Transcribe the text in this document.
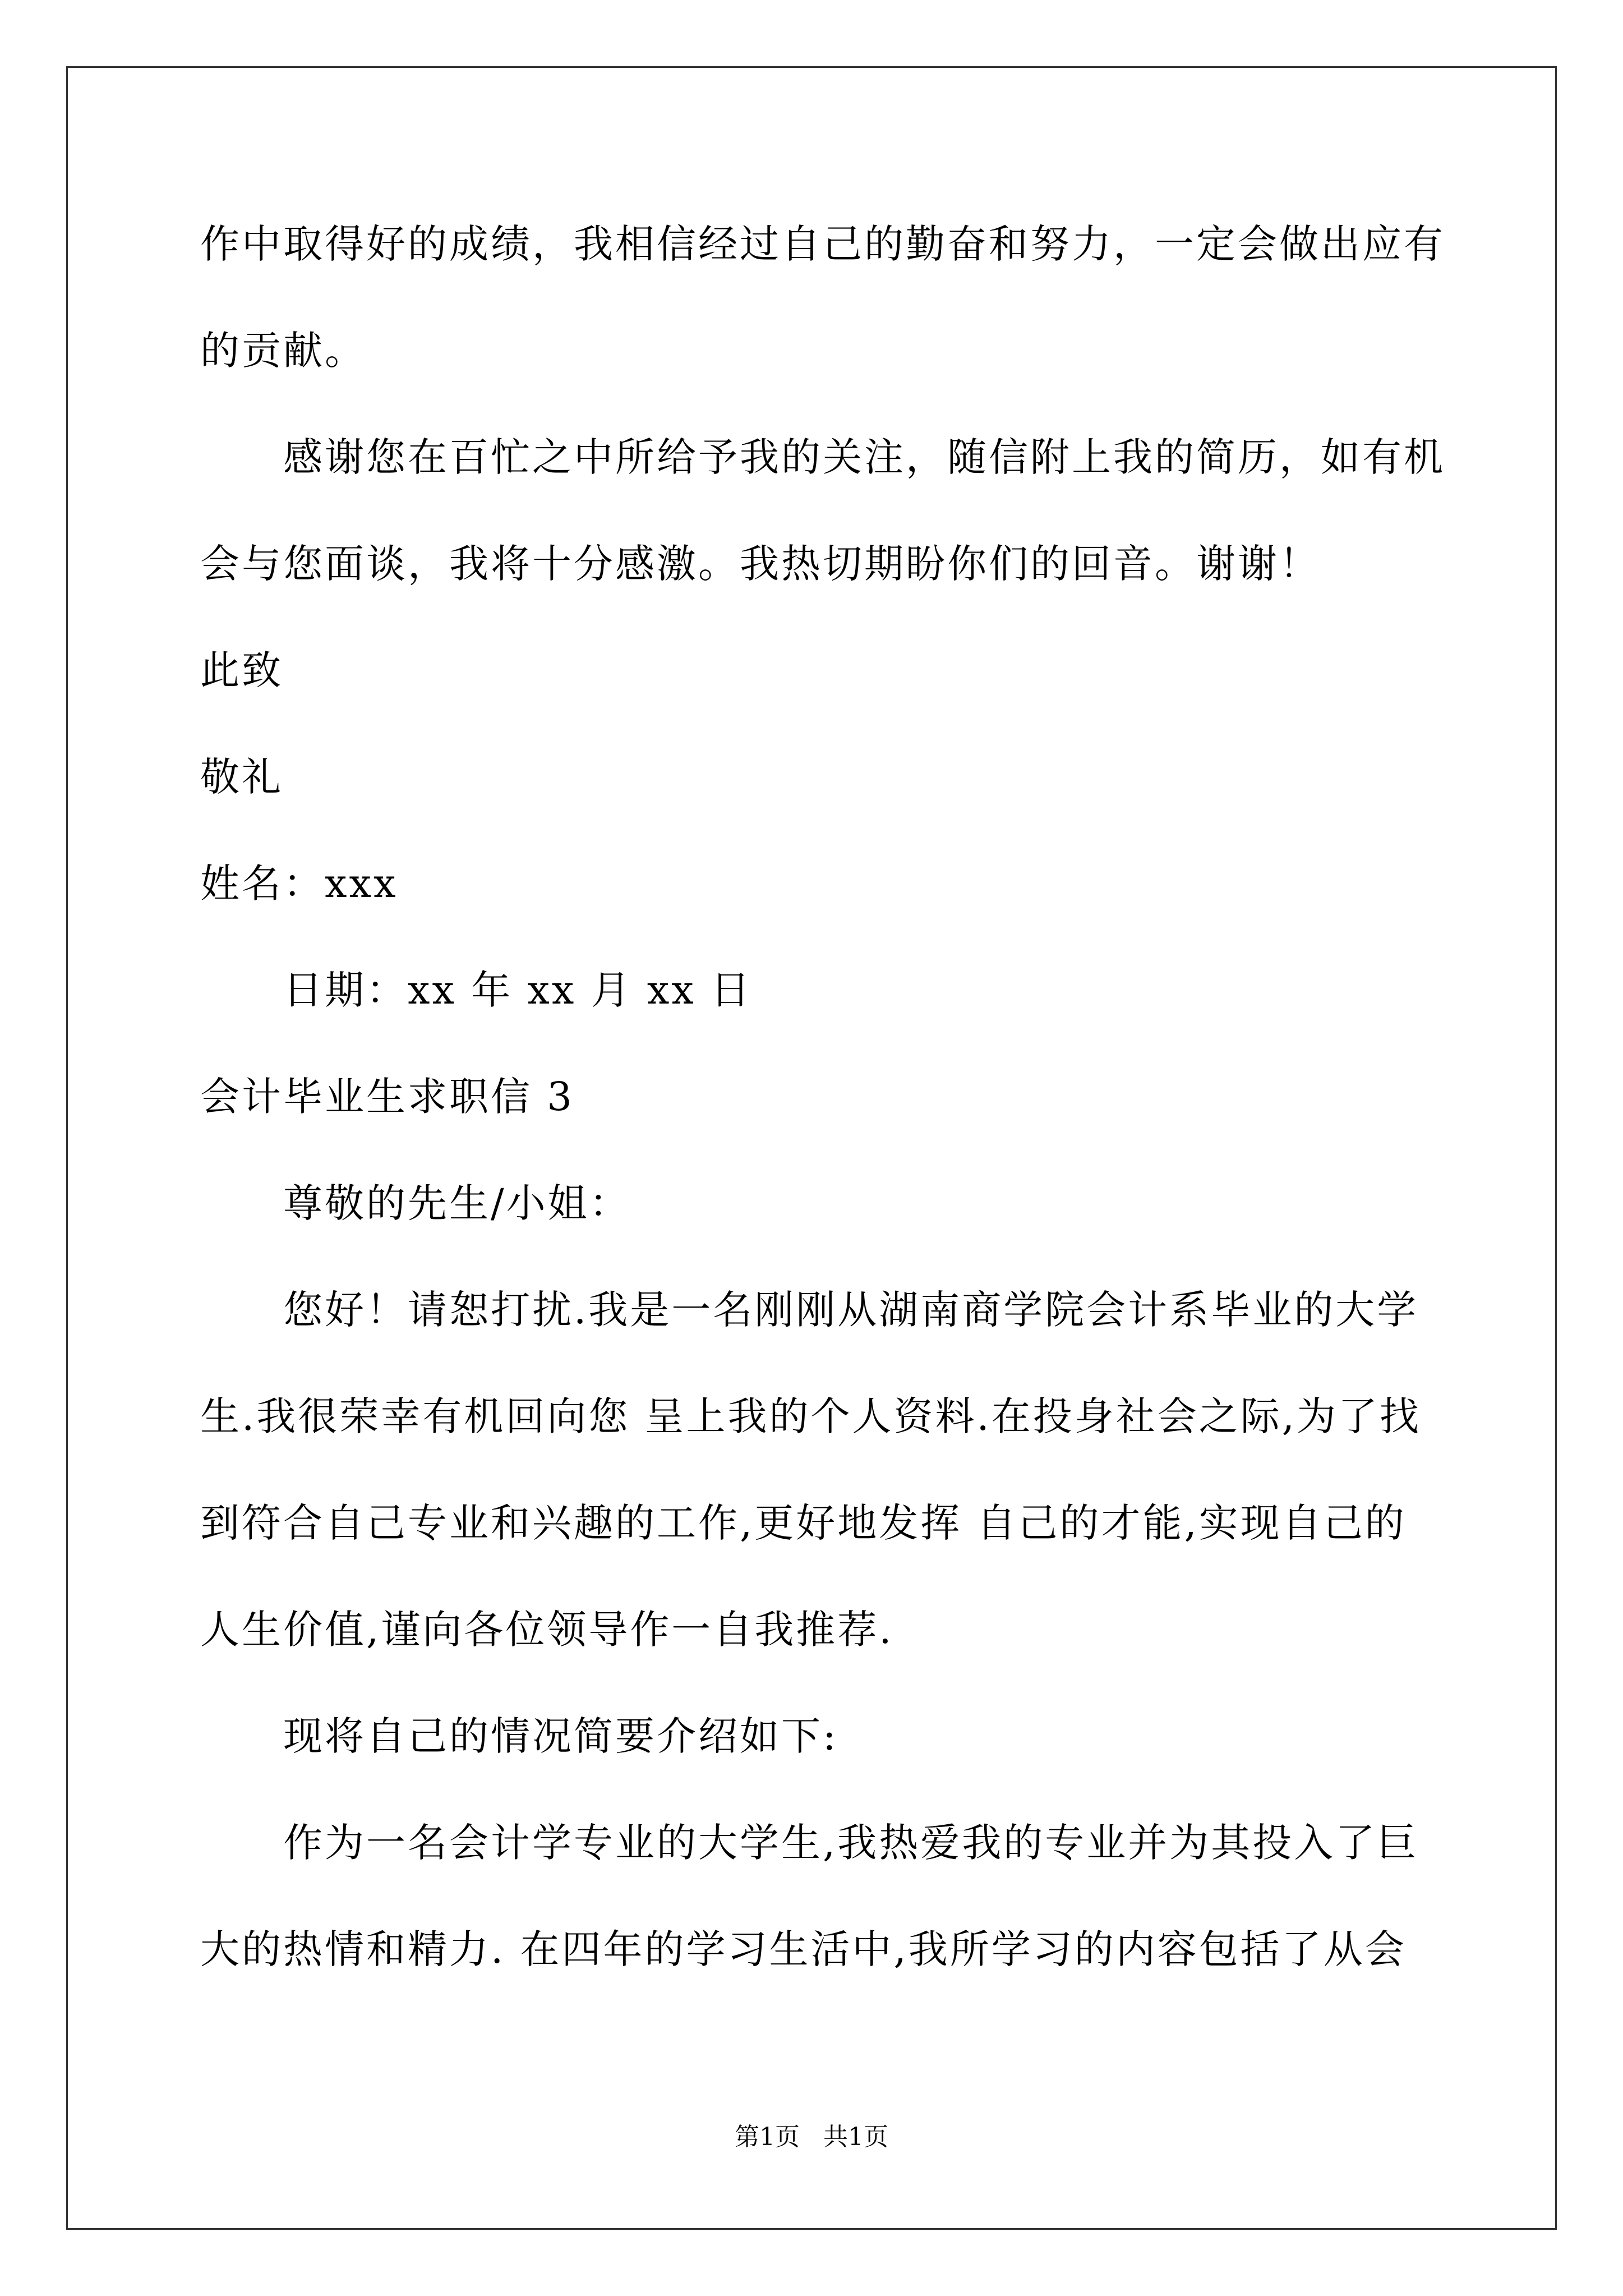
作中取得好的成绩，我相信经过自己的勤奋和努力，一定会做出应有
的贡献。
感谢您在百忙之中所给予我的关注，随信附上我的简历，如有机
会与您面谈，我将十分感激。我热切期盼你们的回音。谢谢！
此致
敬礼
姓名：xxx
日期：xx 年 xx 月 xx 日
会计毕业生求职信 3
尊敬的先生/小姐：
您好！请恕打扰.我是一名刚刚从湖南商学院会计系毕业的大学
生.我很荣幸有机回向您 呈上我的个人资料.在投身社会之际,为了找
到符合自己专业和兴趣的工作,更好地发挥 自己的才能,实现自己的
人生价值,谨向各位领导作一自我推荐.
现将自己的情况简要介绍如下:
作为一名会计学专业的大学生,我热爱我的专业并为其投入了巨
大的热情和精力. 在四年的学习生活中,我所学习的内容包括了从会
第1页   共1页
